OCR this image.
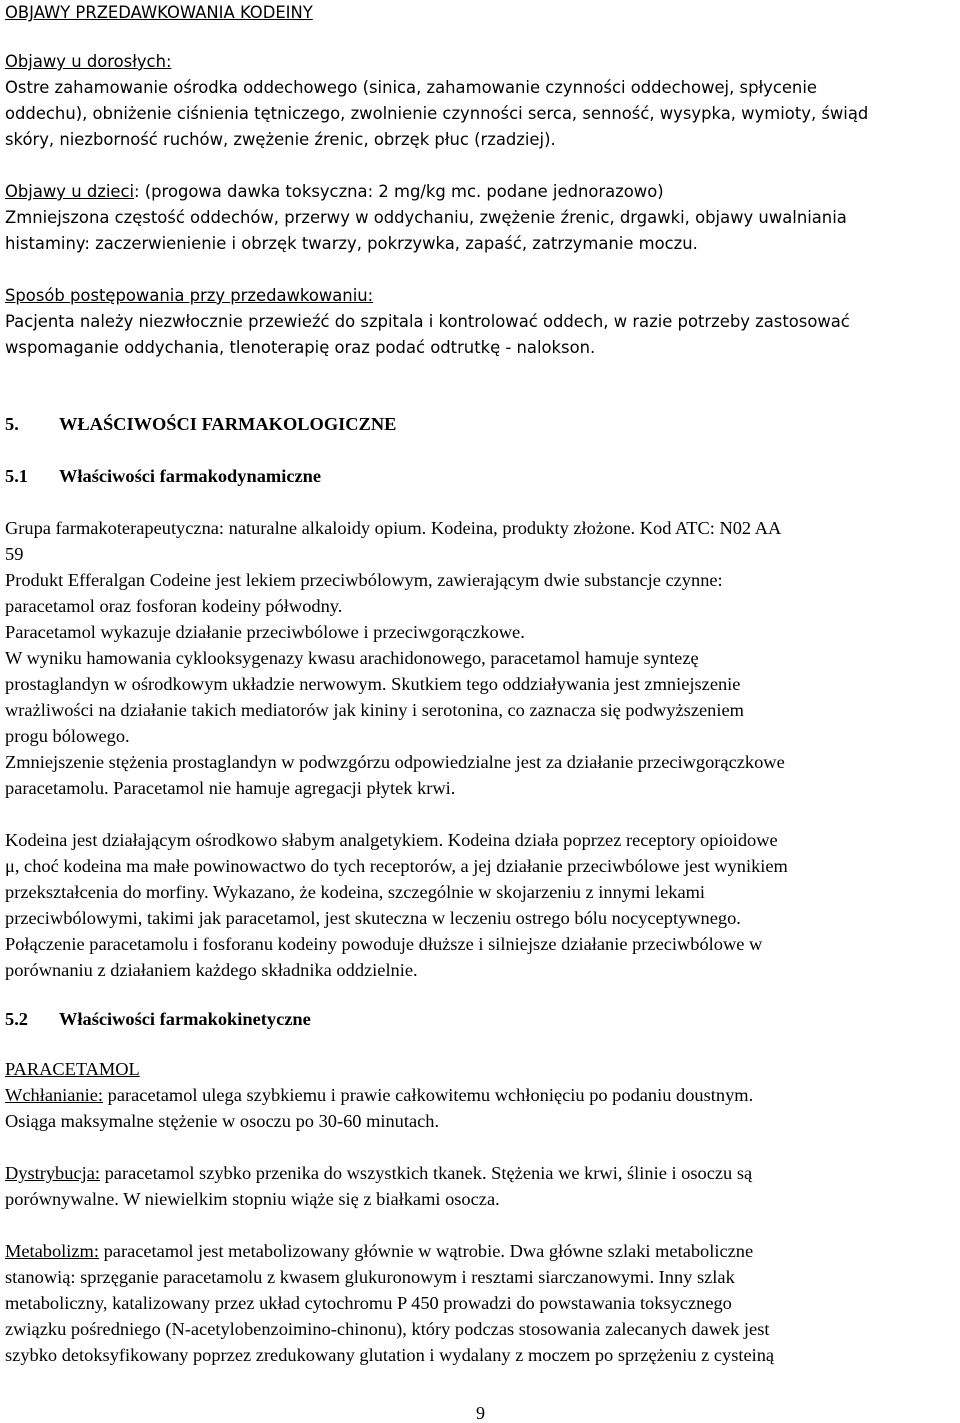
OBJAWY PRZEDAWKOWANIA KODEINY
Objawy u dorosłych:
Ostre zahamowanie ośrodka oddechowego (sinica, zahamowanie czynności oddechowej, spłycenie
oddechu), obniżenie ciśnienia tętniczego, zwolnienie czynności serca, senność, wysypka, wymioty, świąd
skóry, niezborność ruchów, zwężenie źrenic, obrzęk płuc (rzadziej).
Objawy u dzieci: (progowa dawka toksyczna: 2 mg/kg mc. podane jednorazowo)
Zmniejszona częstość oddechów, przerwy w oddychaniu, zwężenie źrenic, drgawki, objawy uwalniania
histaminy: zaczerwienienie i obrzęk twarzy, pokrzywka, zapaść, zatrzymanie moczu.
Sposób postępowania przy przedawkowaniu:
Pacjenta należy niezwłocznie przewieźć do szpitala i kontrolować oddech, w razie potrzeby zastosować
wspomaganie oddychania, tlenoterapię oraz podać odtrutkę - nalokson.
5. WŁAŚCIWOŚCI FARMAKOLOGICZNE
5.1 Właściwości farmakodynamiczne
Grupa farmakoterapeutyczna: naturalne alkaloidy opium. Kodeina, produkty złożone. Kod ATC: N02 AA
59
Produkt Efferalgan Codeine jest lekiem przeciwbólowym, zawierającym dwie substancje czynne:
paracetamol oraz fosforan kodeiny półwodny.
Paracetamol wykazuje działanie przeciwbólowe i przeciwgorączkowe.
W wyniku hamowania cyklooksygenazy kwasu arachidonowego, paracetamol hamuje syntezę
prostaglandyn w ośrodkowym układzie nerwowym. Skutkiem tego oddziaływania jest zmniejszenie
wrażliwości na działanie takich mediatorów jak kininy i serotonina, co zaznacza się podwyższeniem
progu bólowego.
Zmniejszenie stężenia prostaglandyn w podwzgórzu odpowiedzialne jest za działanie przeciwgorączkowe
paracetamolu. Paracetamol nie hamuje agregacji płytek krwi.
Kodeina jest działającym ośrodkowo słabym analgetykiem. Kodeina działa poprzez receptory opioidowe
μ, choć kodeina ma małe powinowactwo do tych receptorów, a jej działanie przeciwbólowe jest wynikiem
przekształcenia do morfiny. Wykazano, że kodeina, szczególnie w skojarzeniu z innymi lekami
przeciwbólowymi, takimi jak paracetamol, jest skuteczna w leczeniu ostrego bólu nocyceptywnego.
Połączenie paracetamolu i fosforanu kodeiny powoduje dłuższe i silniejsze działanie przeciwbólowe w
porównaniu z działaniem każdego składnika oddzielnie.
5.2 Właściwości farmakokinetyczne
PARACETAMOL
Wchłanianie: paracetamol ulega szybkiemu i prawie całkowitemu wchłonięciu po podaniu doustnym.
Osiąga maksymalne stężenie w osoczu po 30-60 minutach.
Dystrybucja: paracetamol szybko przenika do wszystkich tkanek. Stężenia we krwi, ślinie i osoczu są
porównywalne. W niewielkim stopniu wiąże się z białkami osocza.
Metabolizm: paracetamol jest metabolizowany głównie w wątrobie. Dwa główne szlaki metaboliczne
stanowią: sprzęganie paracetamolu z kwasem glukuronowym i resztami siarczanowymi. Inny szlak
metaboliczny, katalizowany przez układ cytochromu P 450 prowadzi do powstawania toksycznego
związku pośredniego (N-acetylobenzoimino-chinonu), który podczas stosowania zalecanych dawek jest
szybko detoksyfikowany poprzez zredukowany glutation i wydalany z moczem po sprzężeniu z cysteiną
9
